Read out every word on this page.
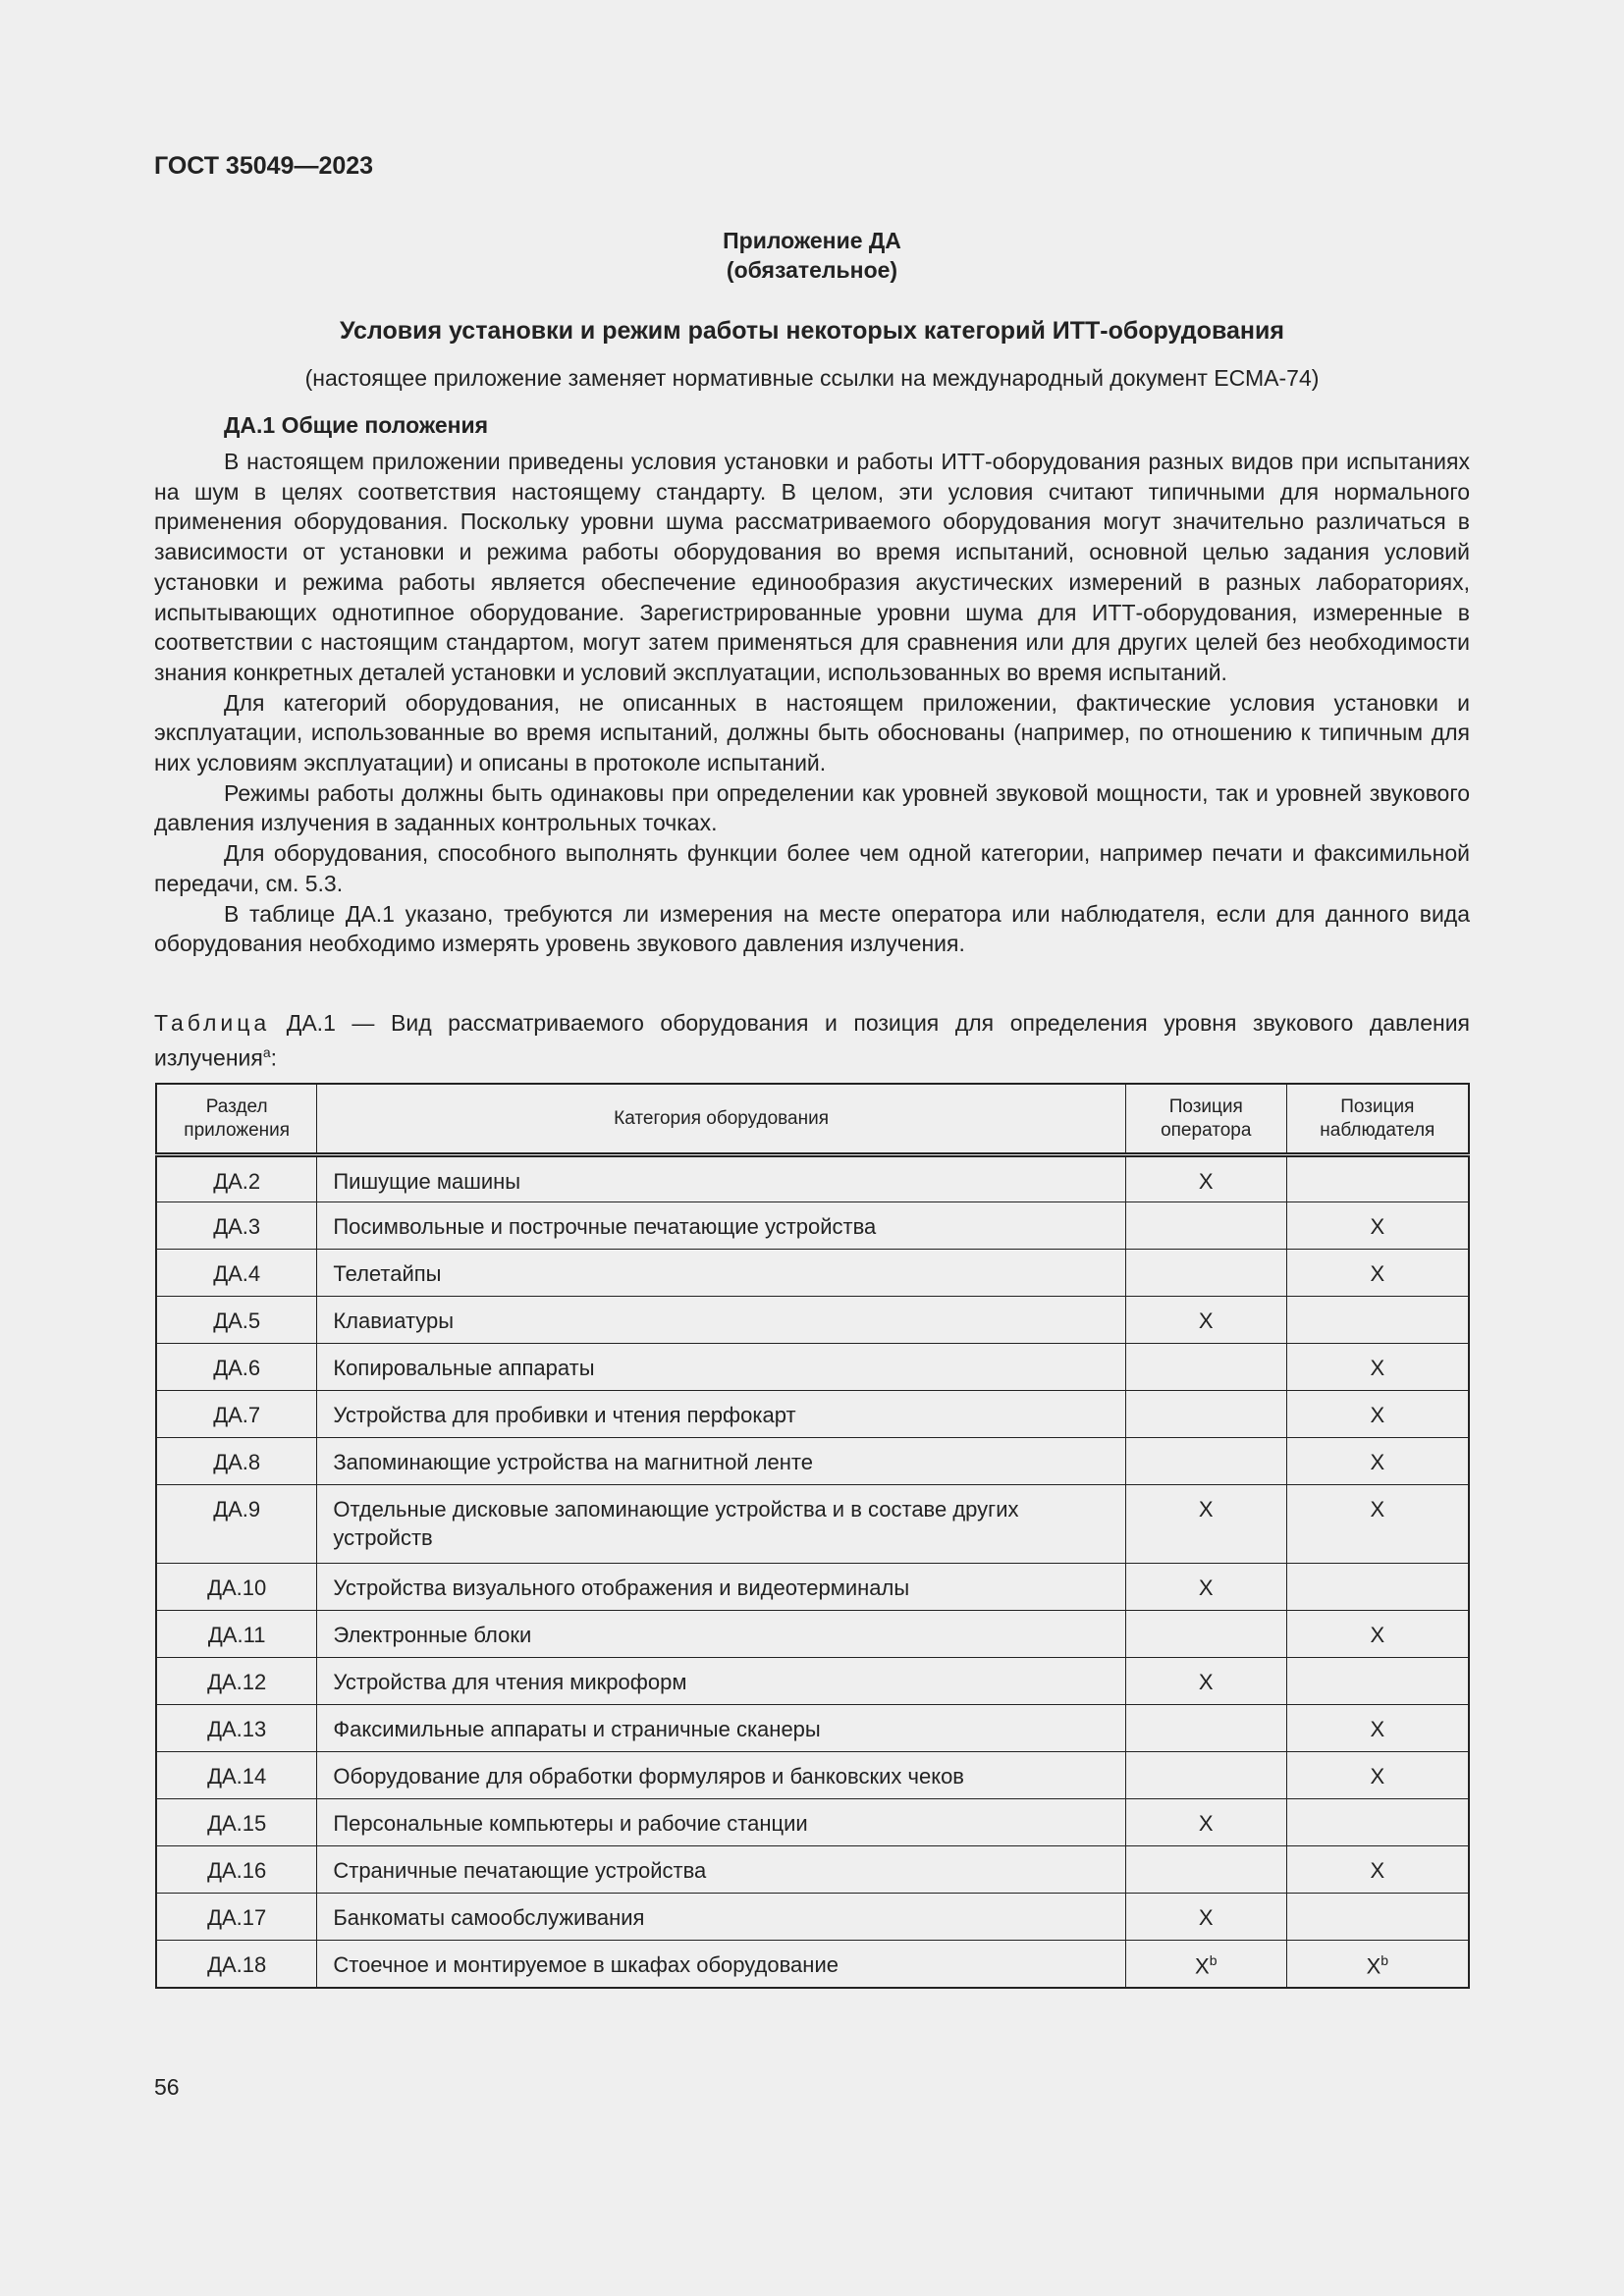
ГОСТ 35049—2023
Приложение ДА
(обязательное)
Условия установки и режим работы некоторых категорий ИТТ-оборудования
(настоящее приложение заменяет нормативные ссылки на международный документ ЕСМА-74)
ДА.1 Общие положения

В настоящем приложении приведены условия установки и работы ИТТ-оборудования разных видов при испытаниях на шум в целях соответствия настоящему стандарту. В целом, эти условия считают типичными для нормального применения оборудования. Поскольку уровни шума рассматриваемого оборудования могут значительно различаться в зависимости от установки и режима работы оборудования во время испытаний, основной целью задания условий установки и режима работы является обеспечение единообразия акустических измерений в разных лабораториях, испытывающих однотипное оборудование. Зарегистрированные уровни шума для ИТТ-оборудования, измеренные в соответствии с настоящим стандартом, могут затем применяться для сравнения или для других целей без необходимости знания конкретных деталей установки и условий эксплуатации, использованных во время испытаний.

Для категорий оборудования, не описанных в настоящем приложении, фактические условия установки и эксплуатации, использованные во время испытаний, должны быть обоснованы (например, по отношению к типичным для них условиям эксплуатации) и описаны в протоколе испытаний.

Режимы работы должны быть одинаковы при определении как уровней звуковой мощности, так и уровней звукового давления излучения в заданных контрольных точках.

Для оборудования, способного выполнять функции более чем одной категории, например печати и факсимильной передачи, см. 5.3.

В таблице ДА.1 указано, требуются ли измерения на месте оператора или наблюдателя, если для данного вида оборудования необходимо измерять уровень звукового давления излучения.

Таблица ДА.1 — Вид рассматриваемого оборудования и позиция для определения уровня звукового давления излучения$^a$:
Раздел приложения	Категория оборудования	Позиция оператора	Позиция наблюдателя
ДА.2	Пишущие машины	X	
ДА.3	Посимвольные и построчные печатающие устройства		X
ДА.4	Телетайпы		X
ДА.5	Клавиатуры	X	
ДА.6	Копировальные аппараты		X
ДА.7	Устройства для пробивки и чтения перфокарт		X
ДА.8	Запоминающие устройства на магнитной ленте		X
ДА.9	Отдельные дисковые запоминающие устройства и в составе других устройств	X	X
ДА.10	Устройства визуального отображения и видеотерминалы	X	
ДА.11	Электронные блоки		X
ДА.12	Устройства для чтения микроформ	X	
ДА.13	Факсимильные аппараты и страничные сканеры		X
ДА.14	Оборудование для обработки формуляров и банковских чеков		X
ДА.15	Персональные компьютеры и рабочие станции	X	
ДА.16	Страничные печатающие устройства		X
ДА.17	Банкоматы самообслуживания	X	
ДА.18	Стоечное и монтируемое в шкафах оборудование	$X^b$	$X^b$
56
